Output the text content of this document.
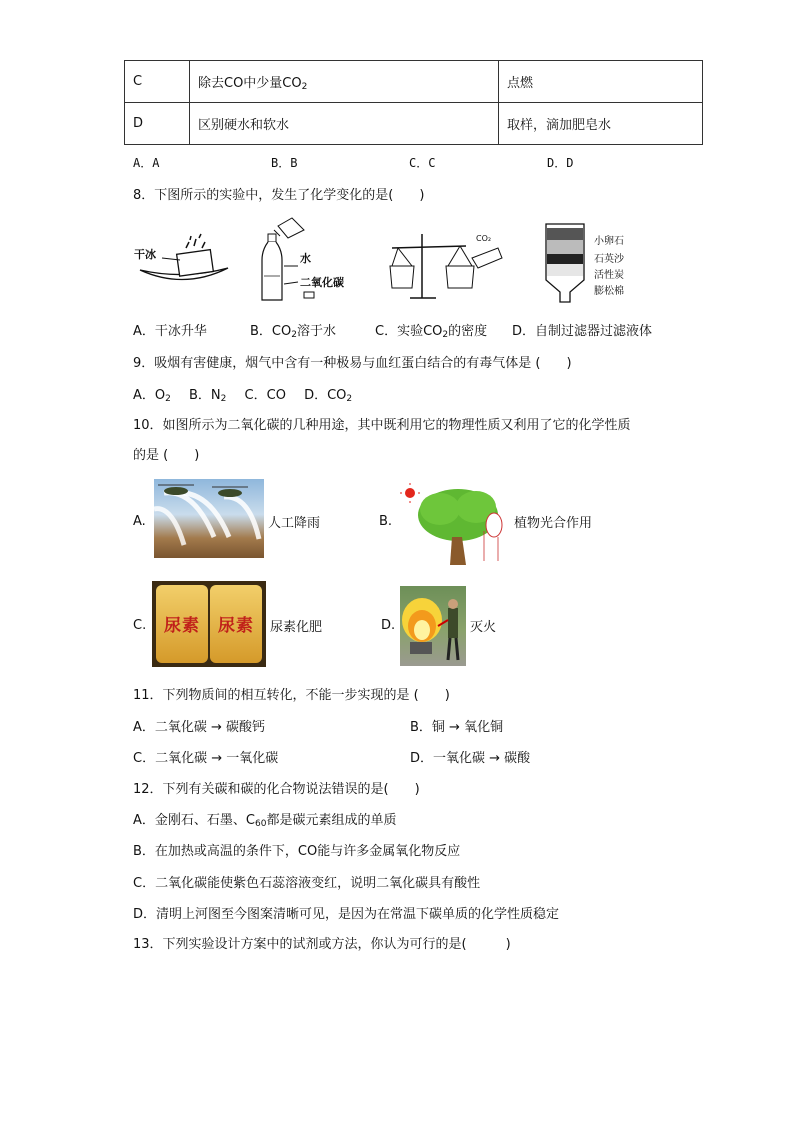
C	除去CO中少量$CO_2$	点燃
D	区别硬水和软水	取样，滴加肥皂水
A．A	B．B	C．C	D．D
8．下图所示的实验中，发生了化学变化的是(　　)
干冰	水
二氧化碳
CO₂	小卵石
石英沙
活性炭
膨松棉
A．干冰升华	B．$CO_2$溶于水	C．实验$CO_2$的密度 D．自制过滤器过滤液体
9．吸烟有害健康，烟气中含有一种极易与血红蛋白结合的有毒气体是 (　　)
A．$O_2$ B．$N_2$ C．CO D．$CO_2$
10．如图所示为二氧化碳的几种用途，其中既利用它的物理性质又利用了它的化学性质
的是 (　　)
A.	人工降雨	B.	植物光合作用
C. 尿素 尿素 尿素化肥	D.	灭火
11．下列物质间的相互转化，不能一步实现的是 (　　)
A．二氧化碳 → 碳酸钙	B．铜 → 氧化铜
C．二氧化碳 → 一氧化碳	D．一氧化碳 → 碳酸
12．下列有关碳和碳的化合物说法错误的是(　　)
A．金刚石、石墨、$C_{60}$都是碳元素组成的单质
B．在加热或高温的条件下，CO能与许多金属氧化物反应
C．二氧化碳能使紫色石蕊溶液变红，说明二氧化碳具有酸性
D．清明上河图至今图案清晰可见，是因为在常温下碳单质的化学性质稳定
13．下列实验设计方案中的试剂或方法，你认为可行的是(　　　)
